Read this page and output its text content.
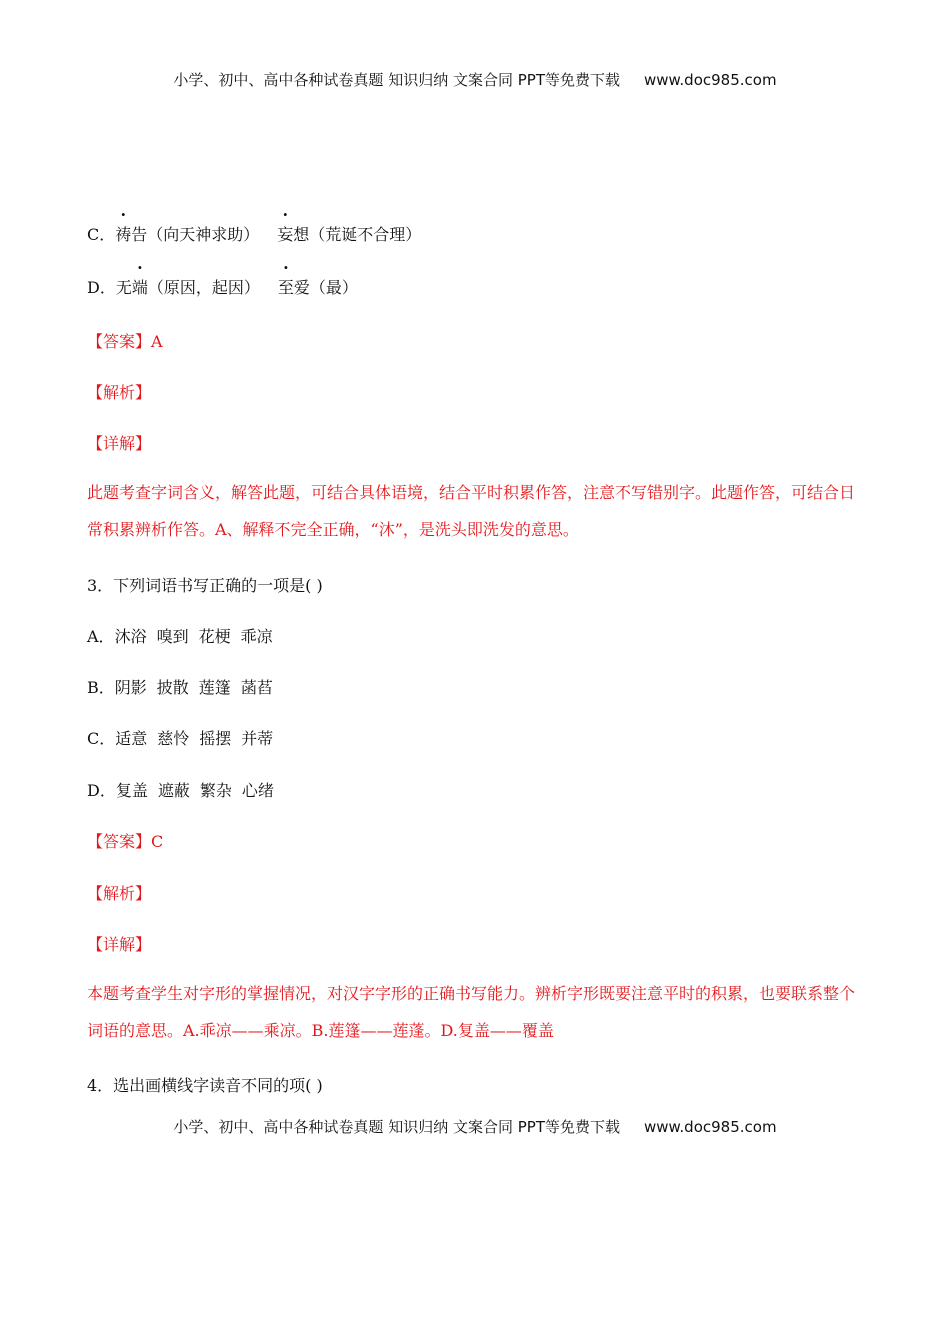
小学、初中、高中各种试卷真题 知识归纳 文案合同 PPT等免费下载 www.doc985.com
C．祷告（向天神求助） 妄想（荒诞不合理）
D．无端（原因，起因） 至爱（最）
【答案】A
【解析】
【详解】
此题考查字词含义，解答此题，可结合具体语境，结合平时积累作答，注意不写错别字。此题作答，可结合日常积累辨析作答。A、解释不完全正确，“沐”，是洗头即洗发的意思。
3．下列词语书写正确的一项是( )
A．沐浴 嗅到 花梗 乖凉
B．阴影 披散 莲篷 菡萏
C．适意 慈怜 摇摆 并蒂
D．复盖 遮蔽 繁杂 心绪
【答案】C
【解析】
【详解】
本题考查学生对字形的掌握情况，对汉字字形的正确书写能力。辨析字形既要注意平时的积累，也要联系整个词语的意思。A.乖凉——乘凉。B.莲篷——莲蓬。D.复盖——覆盖
4．选出画横线字读音不同的项( )
小学、初中、高中各种试卷真题 知识归纳 文案合同 PPT等免费下载 www.doc985.com
